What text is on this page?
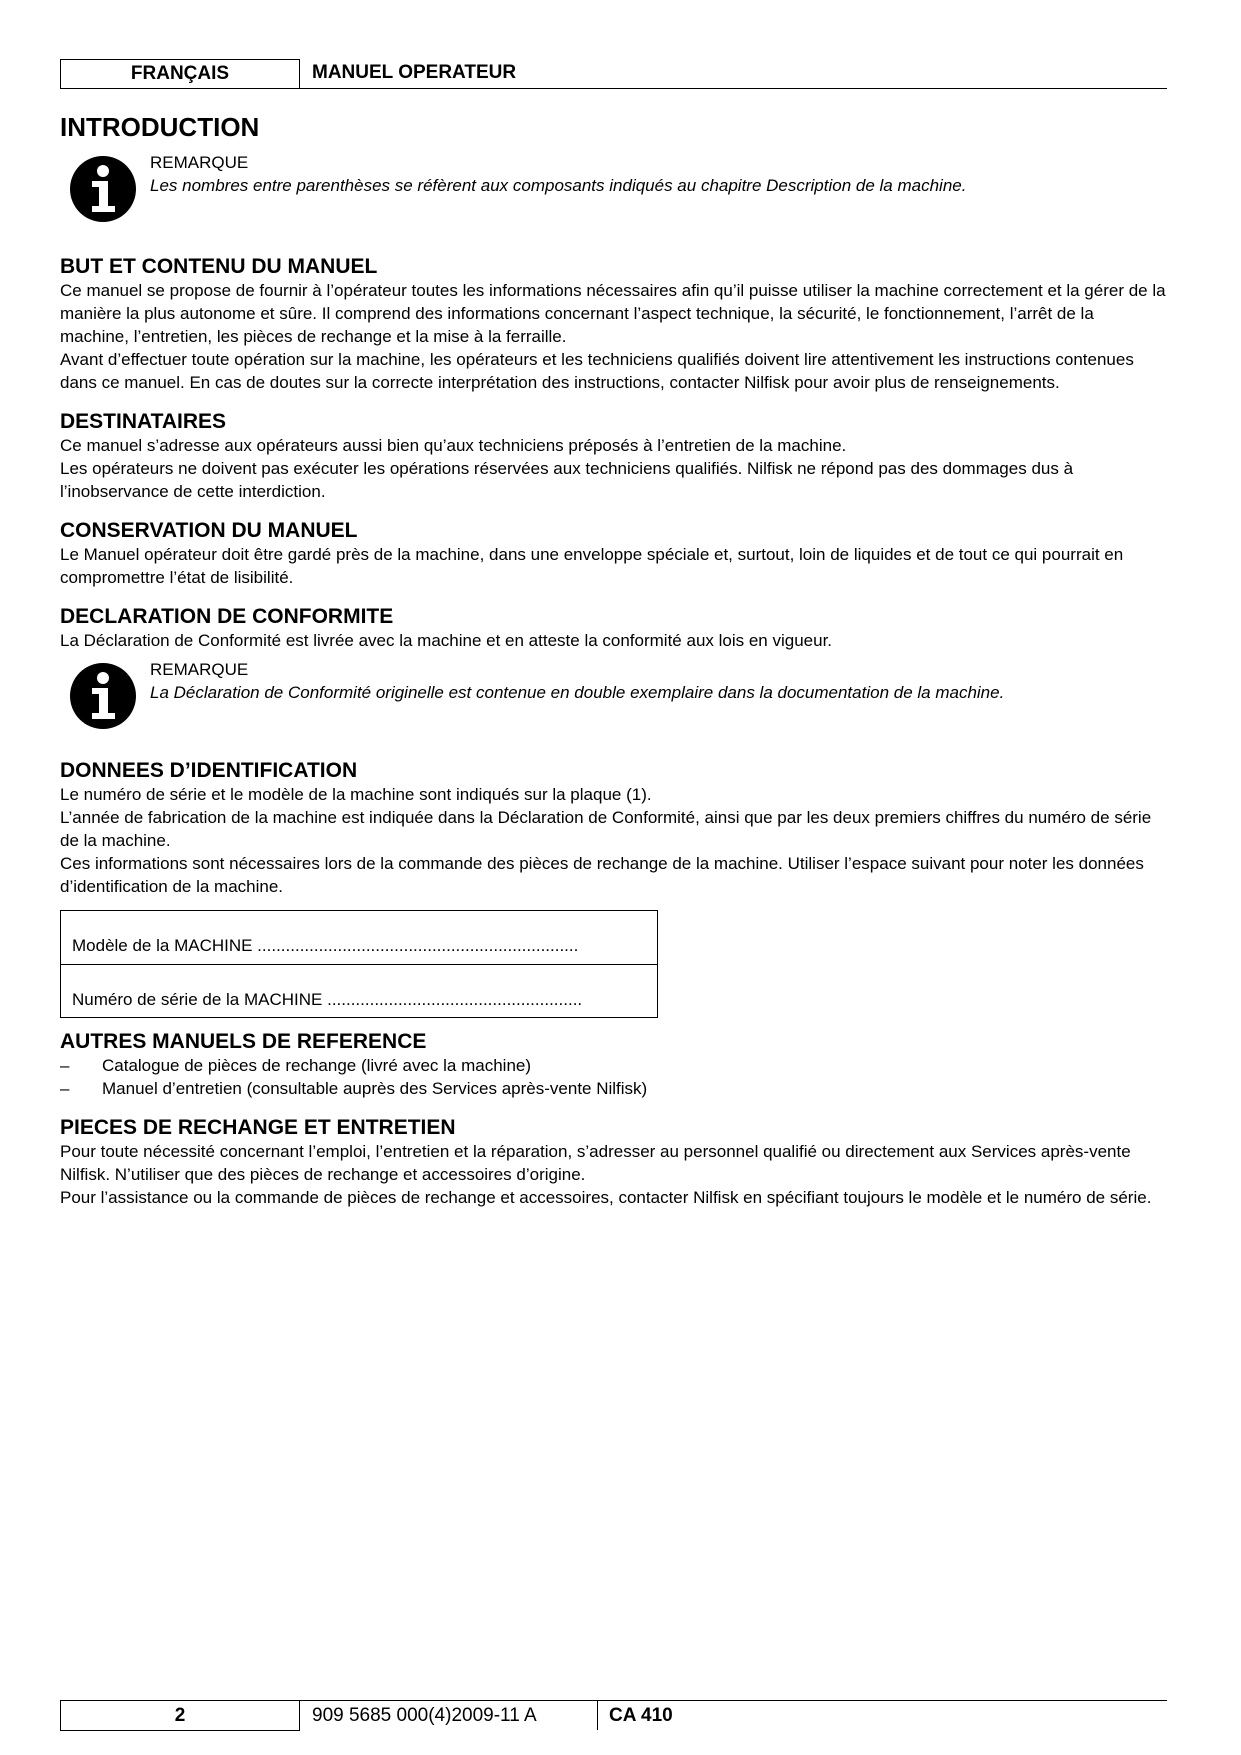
FRANÇAIS	MANUEL OPERATEUR
INTRODUCTION
REMARQUE
Les nombres entre parenthèses se réfèrent aux composants indiqués au chapitre Description de la machine.
BUT ET CONTENU DU MANUEL

Ce manuel se propose de fournir à l’opérateur toutes les informations nécessaires afin qu’il puisse utiliser la machine correctement et la gérer de la manière la plus autonome et sûre. Il comprend des informations concernant l’aspect technique, la sécurité, le fonctionnement, l’arrêt de la machine, l’entretien, les pièces de rechange et la mise à la ferraille.

Avant d’effectuer toute opération sur la machine, les opérateurs et les techniciens qualifiés doivent lire attentivement les instructions contenues dans ce manuel. En cas de doutes sur la correcte interprétation des instructions, contacter Nilfisk pour avoir plus de renseignements.

DESTINATAIRES

Ce manuel s’adresse aux opérateurs aussi bien qu’aux techniciens préposés à l’entretien de la machine.

Les opérateurs ne doivent pas exécuter les opérations réservées aux techniciens qualifiés. Nilfisk ne répond pas des dommages dus à l’inobservance de cette interdiction.

CONSERVATION DU MANUEL

Le Manuel opérateur doit être gardé près de la machine, dans une enveloppe spéciale et, surtout, loin de liquides et de tout ce qui pourrait en compromettre l’état de lisibilité.

DECLARATION DE CONFORMITE

La Déclaration de Conformité est livrée avec la machine et en atteste la conformité aux lois en vigueur.

REMARQUE
La Déclaration de Conformité originelle est contenue en double exemplaire dans la documentation de la machine.
DONNEES D’IDENTIFICATION

Le numéro de série et le modèle de la machine sont indiqués sur la plaque (1).

L’année de fabrication de la machine est indiquée dans la Déclaration de Conformité, ainsi que par les deux premiers chiffres du numéro de série de la machine.

Ces informations sont nécessaires lors de la commande des pièces de rechange de la machine. Utiliser l’espace suivant pour noter les données d’identification de la machine.

Modèle de la MACHINE ....................................................................
Numéro de série de la MACHINE ......................................................
AUTRES MANUELS DE REFERENCE
–	Catalogue de pièces de rechange (livré avec la machine)
–	Manuel d’entretien (consultable auprès des Services après-vente Nilfisk)
PIECES DE RECHANGE ET ENTRETIEN

Pour toute nécessité concernant l’emploi, l’entretien et la réparation, s’adresser au personnel qualifié ou directement aux Services après-vente Nilfisk. N’utiliser que des pièces de rechange et accessoires d’origine.

Pour l’assistance ou la commande de pièces de rechange et accessoires, contacter Nilfisk en spécifiant toujours le modèle et le numéro de série.

2	909 5685 000(4)2009-11 A	CA 410
